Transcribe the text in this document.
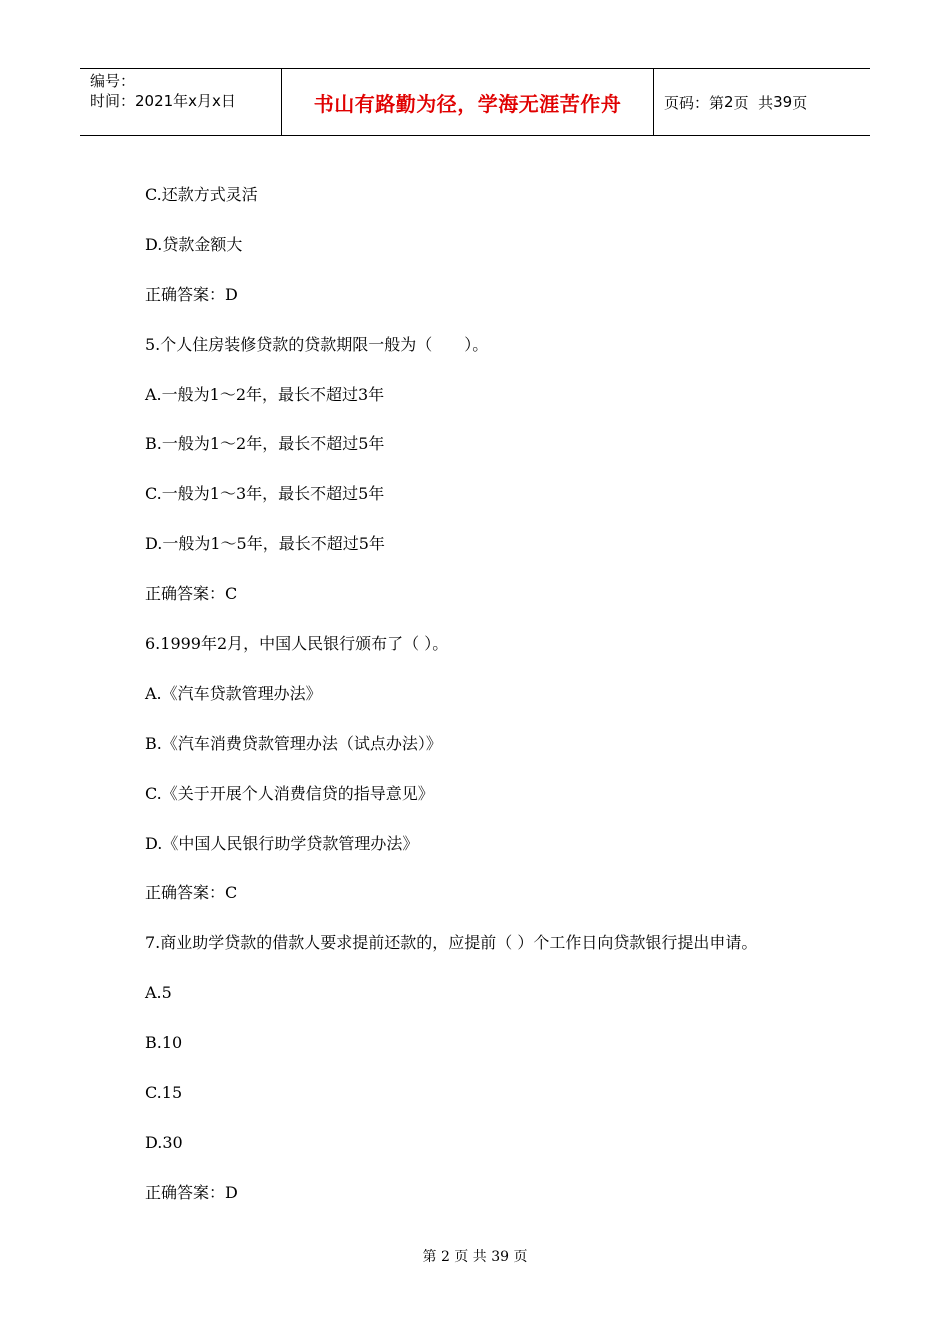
编号：
时间：2021年x月x日	书山有路勤为径，学海无涯苦作舟	页码：第 2 页  共 39 页
C.还款方式灵活
D.贷款金额大
正确答案：D
5.个人住房装修贷款的贷款期限一般为（　　）。
A.一般为1～2年，最长不超过3年
B.一般为1～2年，最长不超过5年
C.一般为1～3年，最长不超过5年
D.一般为1～5年，最长不超过5年
正确答案：C
6.1999年2月，中国人民银行颁布了（ ）。
A.《汽车贷款管理办法》
B.《汽车消费贷款管理办法（试点办法）》
C.《关于开展个人消费信贷的指导意见》
D.《中国人民银行助学贷款管理办法》
正确答案：C
7.商业助学贷款的借款人要求提前还款的，应提前（ ）个工作日向贷款银行提出申请。
A.5
B.10
C.15
D.30
正确答案：D
第 2 页 共 39 页
